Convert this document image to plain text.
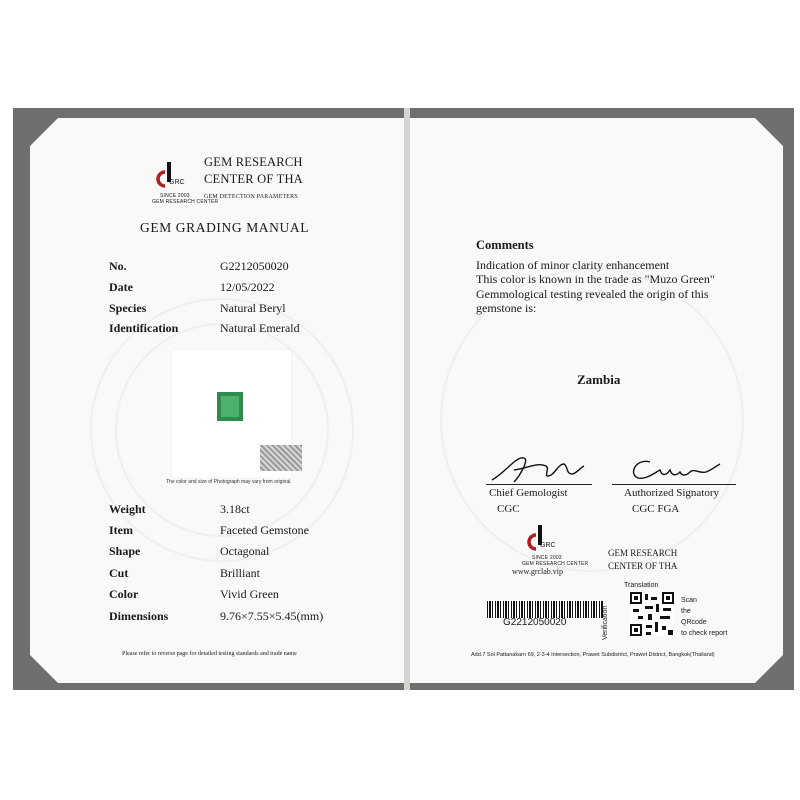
GRC
SINCE 2003
GEM RESEARCH CENTER
GEM RESEARCH
CENTER OF THA
GEM DETECTION PARAMETERS
GEM GRADING MANUAL
No.	G2212050020
Date	12/05/2022
Species	Natural Beryl
Identification	Natural Emerald
The color and size of Photograph may vary from original.
Weight	3.18ct
Item	Faceted Gemstone
Shape	Octagonal
Cut	Brilliant
Color	Vivid Green
Dimensions	9.76×7.55×5.45(mm)
Please refer to reverse page for detailed testing standards and trade name
Comments
Indication of minor clarity enhancement
This color is known in the trade as "Muzo Green"
Gemmological testing revealed the origin of this
gemstone is:
Zambia
Chief Gemologist
CGC
Authorized Signatory
CGC FGA
GRC
SINCE 2003
GEM RESEARCH CENTER
www.grclab.vip
GEM RESEARCH
CENTER OF THA
G2212050020
Translation
Verification
Scan
the
QRcode
to check report
Add.7 Soi Pattanakarn 69, 2-3-4 Intersection, Prawet Subdistrict, Prawet District, Bangkok(Thailand)
